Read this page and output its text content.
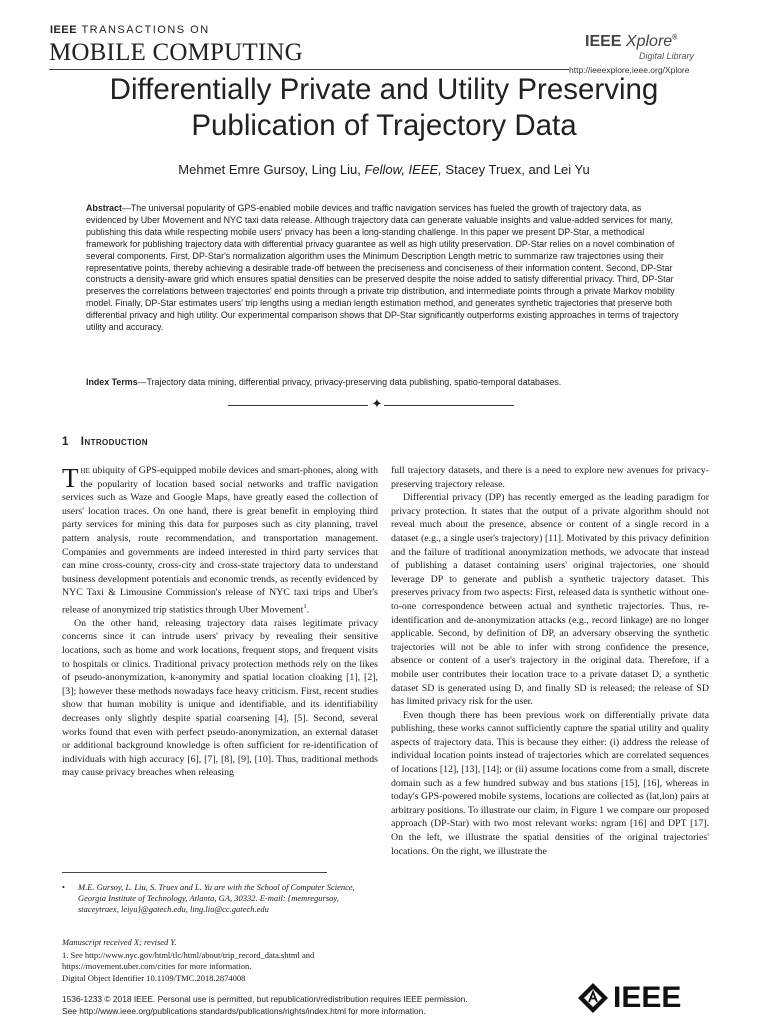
IEEE TRANSACTIONS ON
MOBILE COMPUTING	IEEE Xplore®
Digital Library
http://ieeexplore.ieee.org/Xplore
Differentially Private and Utility Preserving
Publication of Trajectory Data
Mehmet Emre Gursoy, Ling Liu, Fellow, IEEE, Stacey Truex, and Lei Yu
Abstract—The universal popularity of GPS-enabled mobile devices and traffic navigation services has fueled the growth of trajectory data, as evidenced by Uber Movement and NYC taxi data release. Although trajectory data can generate valuable insights and value-added services for many, publishing this data while respecting mobile users' privacy has been a long-standing challenge. In this paper we present DP-Star, a methodical framework for publishing trajectory data with differential privacy guarantee as well as high utility preservation. DP-Star relies on a novel combination of several components. First, DP-Star's normalization algorithm uses the Minimum Description Length metric to summarize raw trajectories using their representative points, thereby achieving a desirable trade-off between the preciseness and conciseness of their information content. Second, DP-Star constructs a density-aware grid which ensures spatial densities can be preserved despite the noise added to satisfy differential privacy. Third, DP-Star preserves the correlations between trajectories' end points through a private trip distribution, and intermediate points through a private Markov mobility model. Finally, DP-Star estimates users' trip lengths using a median length estimation method, and generates synthetic trajectories that preserve both differential privacy and high utility. Our experimental comparison shows that DP-Star significantly outperforms existing approaches in terms of trajectory utility and accuracy.
Index Terms—Trajectory data mining, differential privacy, privacy-preserving data publishing, spatio-temporal databases.
✦
1 Introduction

The ubiquity of GPS-equipped mobile devices and smart-phones, along with the popularity of location based social networks and traffic navigation services such as Waze and Google Maps, have greatly eased the collection of users' location traces. On one hand, there is great benefit in employing third party services for mining this data for purposes such as city planning, travel pattern analysis, route recommendation, and transportation management. Companies and governments are indeed interested in third party services that can mine cross-county, cross-city and cross-state trajectory data to understand business development potentials and economic trends, as recently evidenced by NYC Taxi & Limousine Commission's release of NYC taxi trips and Uber's release of anonymized trip statistics through Uber Movement$^1$.

On the other hand, releasing trajectory data raises legitimate privacy concerns since it can intrude users' privacy by revealing their sensitive locations, such as home and work locations, frequent stops, and frequent visits to hospitals or clinics. Traditional privacy protection methods rely on the likes of pseudo-anonymization, k-anonymity and spatial location cloaking [1], [2], [3]; however these methods nowadays face heavy criticism. First, recent studies show that human mobility is unique and identifiable, and its identifiability decreases only slightly despite spatial coarsening [4], [5]. Second, several works found that even with perfect pseudo-anonymization, an external dataset or additional background knowledge is often sufficient for re-identification of individuals with high accuracy [6], [7], [8], [9], [10]. Thus, traditional methods may cause privacy breaches when releasing

full trajectory datasets, and there is a need to explore new avenues for privacy-preserving trajectory release.

Differential privacy (DP) has recently emerged as the leading paradigm for privacy protection. It states that the output of a private algorithm should not reveal much about the presence, absence or content of a single record in a dataset (e.g., a single user's trajectory) [11]. Motivated by this privacy definition and the failure of traditional anonymization methods, we advocate that instead of publishing a dataset containing users' original trajectories, one should leverage DP to generate and publish a synthetic trajectory dataset. This preserves privacy from two aspects: First, released data is synthetic without one-to-one correspondence between actual and synthetic trajectories. Thus, re-identification and de-anonymization attacks (e.g., record linkage) are no longer applicable. Second, by definition of DP, an adversary observing the synthetic trajectories will not be able to infer with strong confidence the presence, absence or content of a user's trajectory in the original data. Therefore, if a mobile user contributes their location trace to a private dataset D, a synthetic dataset SD is generated using D, and finally SD is released; the release of SD has limited privacy risk for the user.

Even though there has been previous work on differentially private data publishing, these works cannot sufficiently capture the spatial utility and quality aspects of trajectory data. This is because they either: (i) address the release of individual location points instead of trajectories which are correlated sequences of locations [12], [13], [14]; or (ii) assume locations come from a small, discrete domain such as a few hundred subway and bus stations [15], [16], whereas in today's GPS-powered mobile systems, locations are collected as (lat,lon) pairs at arbitrary positions. To illustrate our claim, in Figure 1 we compare our proposed approach (DP-Star) with two most relevant works: ngram [16] and DPT [17]. On the left, we illustrate the spatial densities of the original trajectories' locations. On the right, we illustrate the

• M.E. Gursoy, L. Liu, S. Truex and L. Yu are with the School of Computer Science, Georgia Institute of Technology, Atlanta, GA, 30332. E-mail: {memregursoy, staceytruex, leiyu}@gatech.edu, ling.liu@cc.gatech.edu
Manuscript received X; revised Y.
1. See http://www.nyc.gov/html/tlc/html/about/trip_record_data.shtml and https://movement.uber.com/cities for more information.
Digital Object Identifier 10.1109/TMC.2018.2874008
1536-1233 © 2018 IEEE. Personal use is permitted, but republication/redistribution requires IEEE permission.
See http://www.ieee.org/publications standards/publications/rights/index.html for more information.	IEEE
